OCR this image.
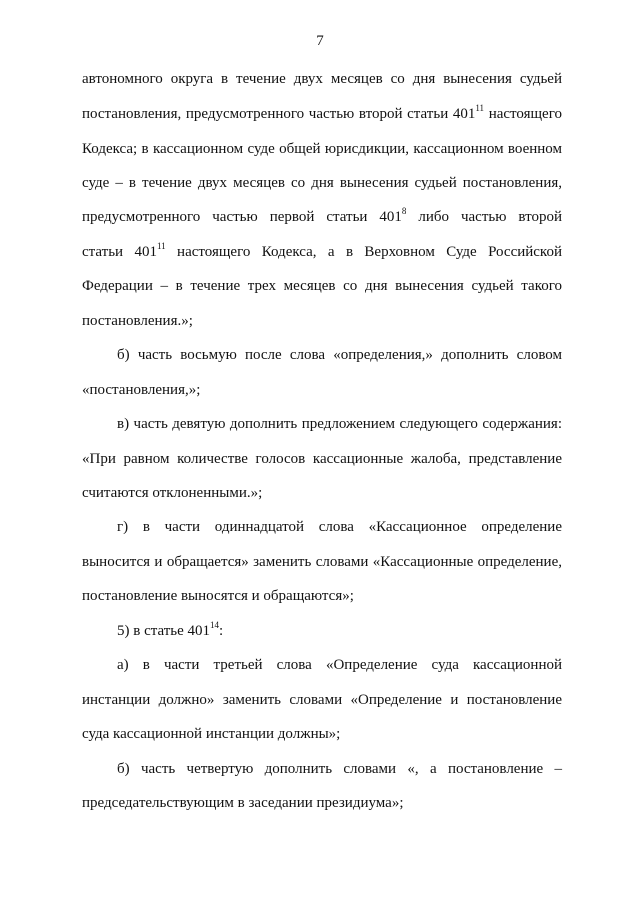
7
автономного округа в течение двух месяцев со дня вынесения судьей
постановления, предусмотренного частью второй статьи $401^{11}$ настоящего
Кодекса; в кассационном суде общей юрисдикции, кассационном военном
суде – в течение двух месяцев со дня вынесения судьей постановления,
предусмотренного частью первой статьи $401^8$ либо частью второй
статьи $401^{11}$ настоящего Кодекса, а в Верховном Суде Российской
Федерации – в течение трех месяцев со дня вынесения судьей такого
постановления.»;
б) часть восьмую после слова «определения,» дополнить словом
«постановления,»;
в) часть девятую дополнить предложением следующего содержания:
«При равном количестве голосов кассационные жалоба, представление
считаются отклоненными.»;
г) в части одиннадцатой слова «Кассационное определение
выносится и обращается» заменить словами «Кассационные определение,
постановление выносятся и обращаются»;
5) в статье $401^{14}$:
а) в части третьей слова «Определение суда кассационной
инстанции должно» заменить словами «Определение и постановление
суда кассационной инстанции должны»;
б) часть четвертую дополнить словами «, а постановление –
председательствующим в заседании президиума»;
